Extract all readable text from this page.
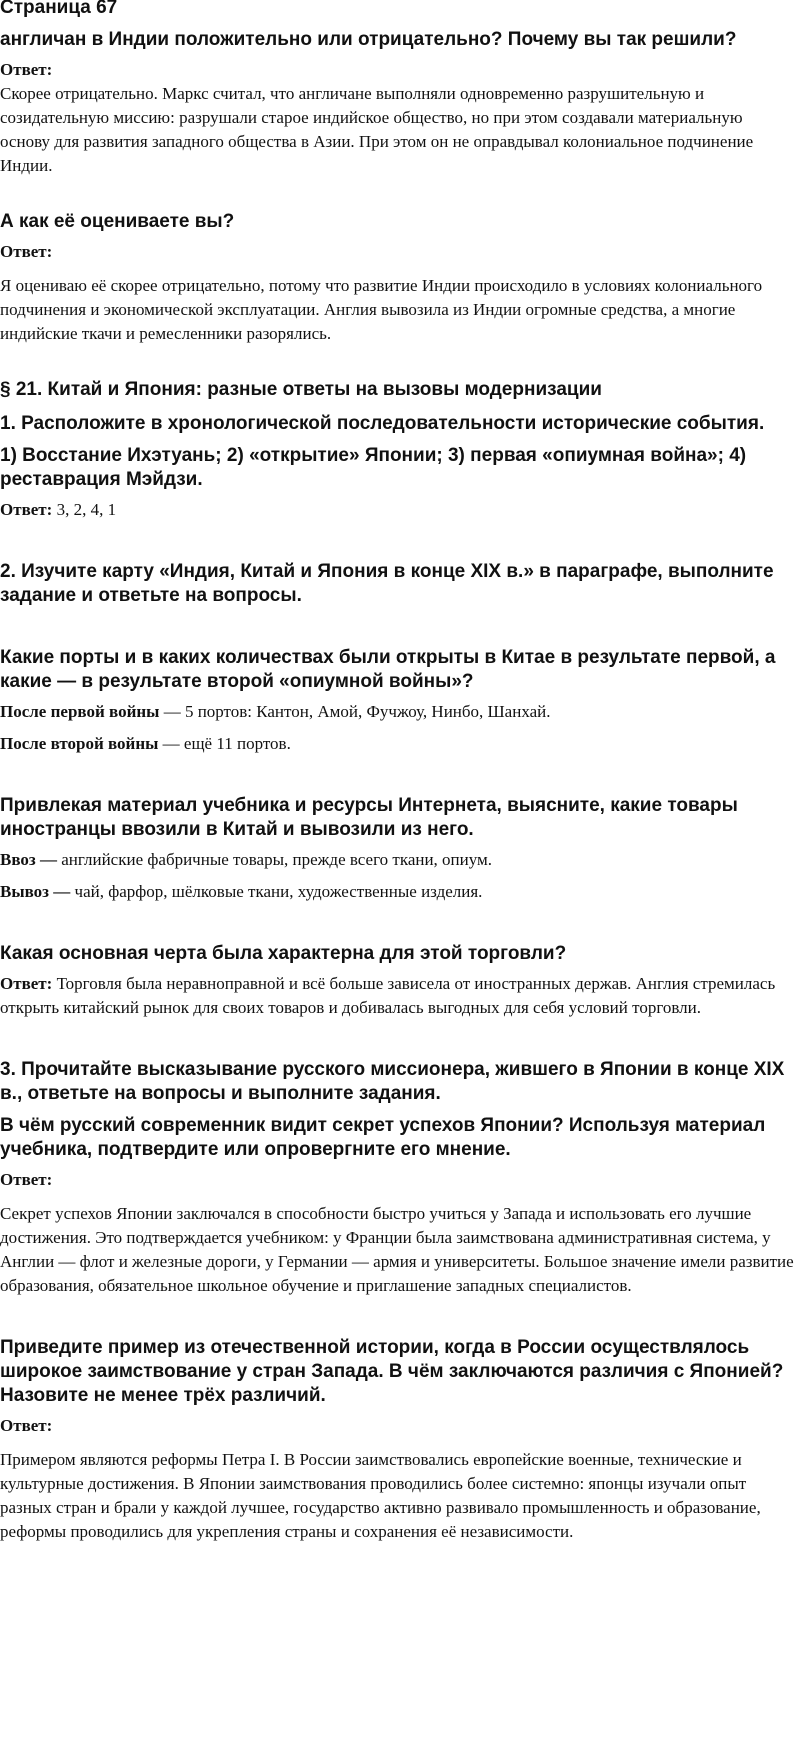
Страница 67

англичан в Индии положительно или отрицательно? Почему вы так решили?

Ответ:

Скорее отрицательно. Маркс считал, что англичане выполняли одновременно разрушительную и созидательную миссию: разрушали старое индийское общество, но при этом создавали материальную основу для развития западного общества в Азии. При этом он не оправдывал колониальное подчинение Индии.

А как её оцениваете вы?

Ответ:

Я оцениваю её скорее отрицательно, потому что развитие Индии происходило в условиях колониального подчинения и экономической эксплуатации. Англия вывозила из Индии огромные средства, а многие индийские ткачи и ремесленники разорялись.

§ 21. Китай и Япония: разные ответы на вызовы модернизации

1. Расположите в хронологической последовательности исторические события.

1) Восстание Ихэтуань; 2) «открытие» Японии; 3) первая «опиумная война»; 4) реставрация Мэйдзи.

Ответ: 3, 2, 4, 1

2. Изучите карту «Индия, Китай и Япония в конце XIX в.» в параграфе, выполните задание и ответьте на вопросы.

Какие порты и в каких количествах были открыты в Китае в результате первой, а какие — в результате второй «опиумной войны»?

После первой войны — 5 портов: Кантон, Амой, Фучжоу, Нинбо, Шанхай.

После второй войны — ещё 11 портов.

Привлекая материал учебника и ресурсы Интернета, выясните, какие товары иностранцы ввозили в Китай и вывозили из него.

Ввоз — английские фабричные товары, прежде всего ткани, опиум.

Вывоз — чай, фарфор, шёлковые ткани, художественные изделия.

Какая основная черта была характерна для этой торговли?

Ответ: Торговля была неравноправной и всё больше зависела от иностранных держав. Англия стремилась открыть китайский рынок для своих товаров и добивалась выгодных для себя условий торговли.

3. Прочитайте высказывание русского миссионера, жившего в Японии в конце XIX в., ответьте на вопросы и выполните задания.

В чём русский современник видит секрет успехов Японии? Используя материал учебника, подтвердите или опровергните его мнение.

Ответ:

Секрет успехов Японии заключался в способности быстро учиться у Запада и использовать его лучшие достижения. Это подтверждается учебником: у Франции была заимствована административная система, у Англии — флот и железные дороги, у Германии — армия и университеты. Большое значение имели развитие образования, обязательное школьное обучение и приглашение западных специалистов.

Приведите пример из отечественной истории, когда в России осуществлялось широкое заимствование у стран Запада. В чём заключаются различия с Японией? Назовите не менее трёх различий.

Ответ:

Примером являются реформы Петра I. В России заимствовались европейские военные, технические и культурные достижения. В Японии заимствования проводились более системно: японцы изучали опыт разных стран и брали у каждой лучшее, государство активно развивало промышленность и образование, реформы проводились для укрепления страны и сохранения её независимости.
